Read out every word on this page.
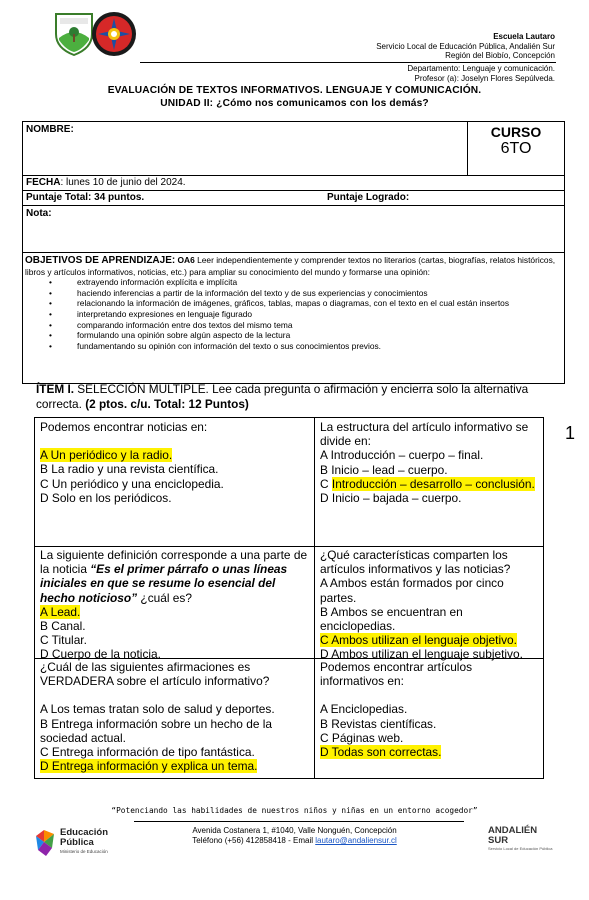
Escuela Lautaro
Servicio Local de Educación Pública, Andalién Sur
Región del Biobío, Concepción
Departamento: Lenguaje y comunicación.
Profesor (a): Joselyn Flores Sepúlveda.
EVALUACIÓN DE TEXTOS INFORMATIVOS. LENGUAJE Y COMUNICACIÓN.
UNIDAD II: ¿Cómo nos comunicamos con los demás?
NOMBRE:	CURSO
6TO
FECHA: lunes 10 de junio del 2024.
Puntaje Total: 34 puntos.	Puntaje Logrado:
Nota:
OBJETIVOS DE APRENDIZAJE: OA6 Leer independientemente y comprender textos no literarios (cartas, biografías, relatos históricos, libros y artículos informativos, noticias, etc.) para ampliar su conocimiento del mundo y formarse una opinión:
• extrayendo información explícita e implícita
• haciendo inferencias a partir de la información del texto y de sus experiencias y conocimientos
• relacionando la información de imágenes, gráficos, tablas, mapas o diagramas, con el texto en el cual están insertos
• interpretando expresiones en lenguaje figurado
• comparando información entre dos textos del mismo tema
• formulando una opinión sobre algún aspecto de la lectura
• fundamentando su opinión con información del texto o sus conocimientos previos.
ÍTEM I. SELECCIÓN MULTIPLE. Lee cada pregunta o afirmación y encierra solo la alternativa correcta. (2 ptos. c/u. Total: 12 Puntos)
1

Podemos encontrar noticias en:

A Un periódico y la radio.

B La radio y una revista científica.

C Un periódico y una enciclopedia.

D Solo en los periódicos.

La estructura del artículo informativo se divide en:

A Introducción – cuerpo – final.

B Inicio – lead – cuerpo.

C Introducción – desarrollo – conclusión.

D Inicio – bajada – cuerpo.

La siguiente definición corresponde a una parte de la noticia “Es el primer párrafo o unas líneas iniciales en que se resume lo esencial del hecho noticioso” ¿cuál es?

A Lead.

B Canal.

C Titular.

D Cuerpo de la noticia.

¿Qué características comparten los artículos informativos y las noticias?

A Ambos están formados por cinco partes.

B Ambos se encuentran en enciclopedias.

C Ambos utilizan el lenguaje objetivo.

D Ambos utilizan el lenguaje subjetivo.

¿Cuál de las siguientes afirmaciones es VERDADERA sobre el artículo informativo?

A Los temas tratan solo de salud y deportes.

B Entrega información sobre un hecho de la sociedad actual.

C Entrega información de tipo fantástica.

D Entrega información y explica un tema.

Podemos encontrar artículos informativos en:

A Enciclopedias.

B Revistas científicas.

C Páginas web.

D Todas son correctas.

“Potenciando las habilidades de nuestros niños y niñas en un entorno acogedor”
Avenida Costanera 1, #1040, Valle Nonguén, Concepción
Teléfono (+56) 412858418 - Email lautaro@andaliensur.cl
Educación
Pública
Ministerio de Educación
ANDALIÉN
SUR
Servicio Local de Educación Pública
